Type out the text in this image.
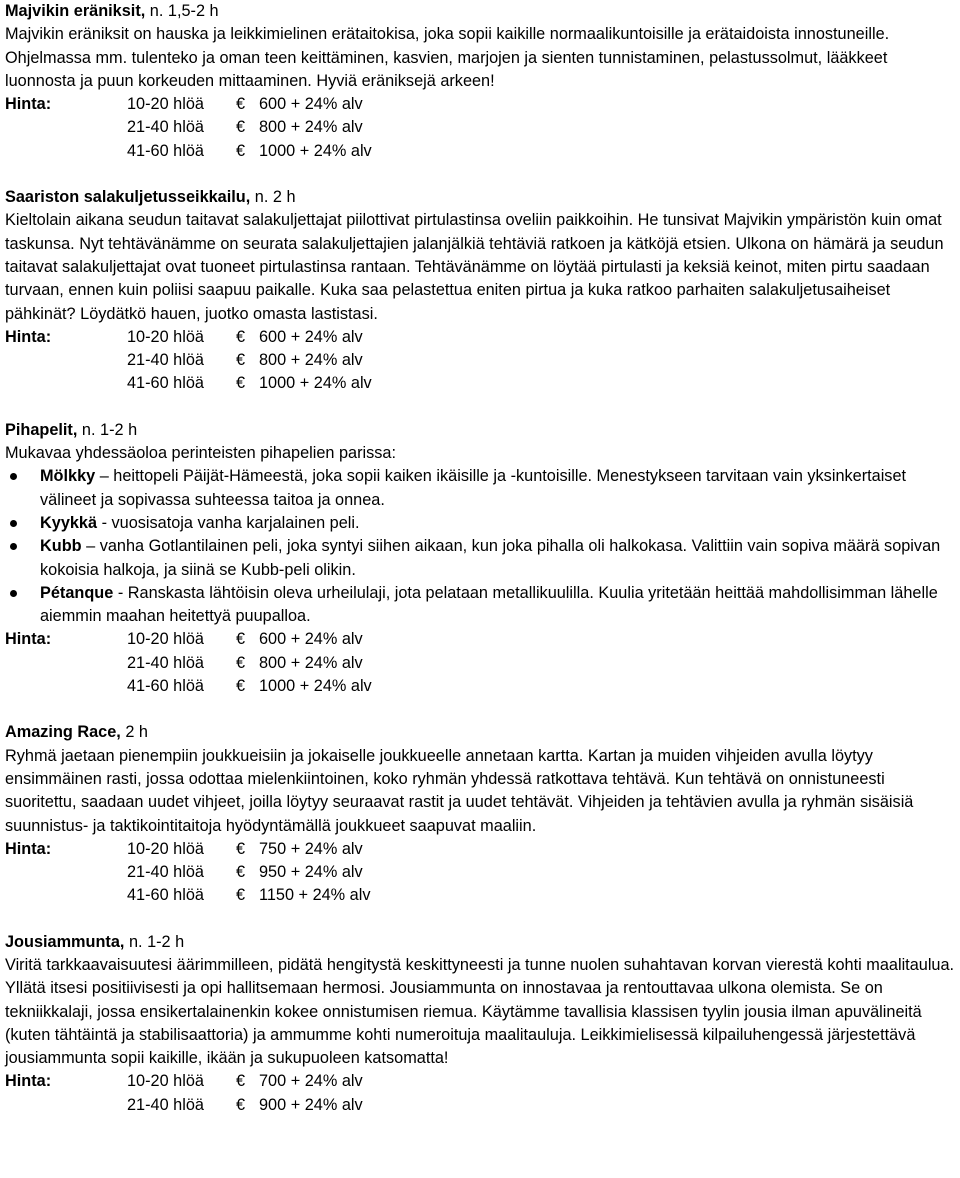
Majvikin eräniksit, n. 1,5-2 h

Majvikin eräniksit on hauska ja leikkimielinen erätaitokisa, joka sopii kaikille normaalikuntoisille ja erätaidoista innostuneille. Ohjelmassa mm. tulenteko ja oman teen keittäminen, kasvien, marjojen ja sienten tunnistaminen, pelastussolmut, lääkkeet luonnosta ja puun korkeuden mittaaminen. Hyviä eräniksejä arkeen!

Hinta:	10-20 hlöä	€ 600 + 24% alv
	21-40 hlöä	€ 800 + 24% alv
	41-60 hlöä	€ 1000 + 24% alv
Saariston salakuljetusseikkailu, n. 2 h

Kieltolain aikana seudun taitavat salakuljettajat piilottivat pirtulastinsa oveliin paikkoihin. He tunsivat Majvikin ympäristön kuin omat taskunsa. Nyt tehtävänämme on seurata salakuljettajien jalanjälkiä tehtäviä ratkoen ja kätköjä etsien. Ulkona on hämärä ja seudun taitavat salakuljettajat ovat tuoneet pirtulastinsa rantaan. Tehtävänämme on löytää pirtulasti ja keksiä keinot, miten pirtu saadaan turvaan, ennen kuin poliisi saapuu paikalle. Kuka saa pelastettua eniten pirtua ja kuka ratkoo parhaiten salakuljetusaiheiset pähkinät? Löydätkö hauen, juotko omasta lastistasi.

Hinta:	10-20 hlöä	€ 600 + 24% alv
	21-40 hlöä	€ 800 + 24% alv
	41-60 hlöä	€ 1000 + 24% alv
Pihapelit, n. 1-2 h

Mukavaa yhdessäoloa perinteisten pihapelien parissa:

Mölkky – heittopeli Päijät-Hämeestä, joka sopii kaiken ikäisille ja -kuntoisille. Menestykseen tarvitaan vain yksinkertaiset välineet ja sopivassa suhteessa taitoa ja onnea.
Kyykkä - vuosisatoja vanha karjalainen peli.
Kubb – vanha Gotlantilainen peli, joka syntyi siihen aikaan, kun joka pihalla oli halkokasa. Valittiin vain sopiva määrä sopivan kokoisia halkoja, ja siinä se Kubb-peli olikin.
Pétanque - Ranskasta lähtöisin oleva urheilulaji, jota pelataan metallikuulilla. Kuulia yritetään heittää mahdollisimman lähelle aiemmin maahan heitettyä puupalloa.
Hinta:	10-20 hlöä	€ 600 + 24% alv
	21-40 hlöä	€ 800 + 24% alv
	41-60 hlöä	€ 1000 + 24% alv
Amazing Race, 2 h

Ryhmä jaetaan pienempiin joukkueisiin ja jokaiselle joukkueelle annetaan kartta. Kartan ja muiden vihjeiden avulla löytyy ensimmäinen rasti, jossa odottaa mielenkiintoinen, koko ryhmän yhdessä ratkottava tehtävä. Kun tehtävä on onnistuneesti suoritettu, saadaan uudet vihjeet, joilla löytyy seuraavat rastit ja uudet tehtävät. Vihjeiden ja tehtävien avulla ja ryhmän sisäisiä suunnistus- ja taktikointitaitoja hyödyntämällä joukkueet saapuvat maaliin.

Hinta:	10-20 hlöä	€ 750 + 24% alv
	21-40 hlöä	€ 950 + 24% alv
	41-60 hlöä	€ 1150 + 24% alv
Jousiammunta, n. 1-2 h

Viritä tarkkaavaisuutesi äärimmilleen, pidätä hengitystä keskittyneesti ja tunne nuolen suhahtavan korvan vierestä kohti maalitaulua. Yllätä itsesi positiivisesti ja opi hallitsemaan hermosi. Jousiammunta on innostavaa ja rentouttavaa ulkona olemista. Se on tekniikkalaji, jossa ensikertalainenkin kokee onnistumisen riemua. Käytämme tavallisia klassisen tyylin jousia ilman apuvälineitä (kuten tähtäintä ja stabilisaattoria) ja ammumme kohti numeroituja maalitauluja. Leikkimielisessä kilpailuhengessä järjestettävä jousiammunta sopii kaikille, ikään ja sukupuoleen katsomatta!

Hinta:	10-20 hlöä	€ 700 + 24% alv
	21-40 hlöä	€ 900 + 24% alv
